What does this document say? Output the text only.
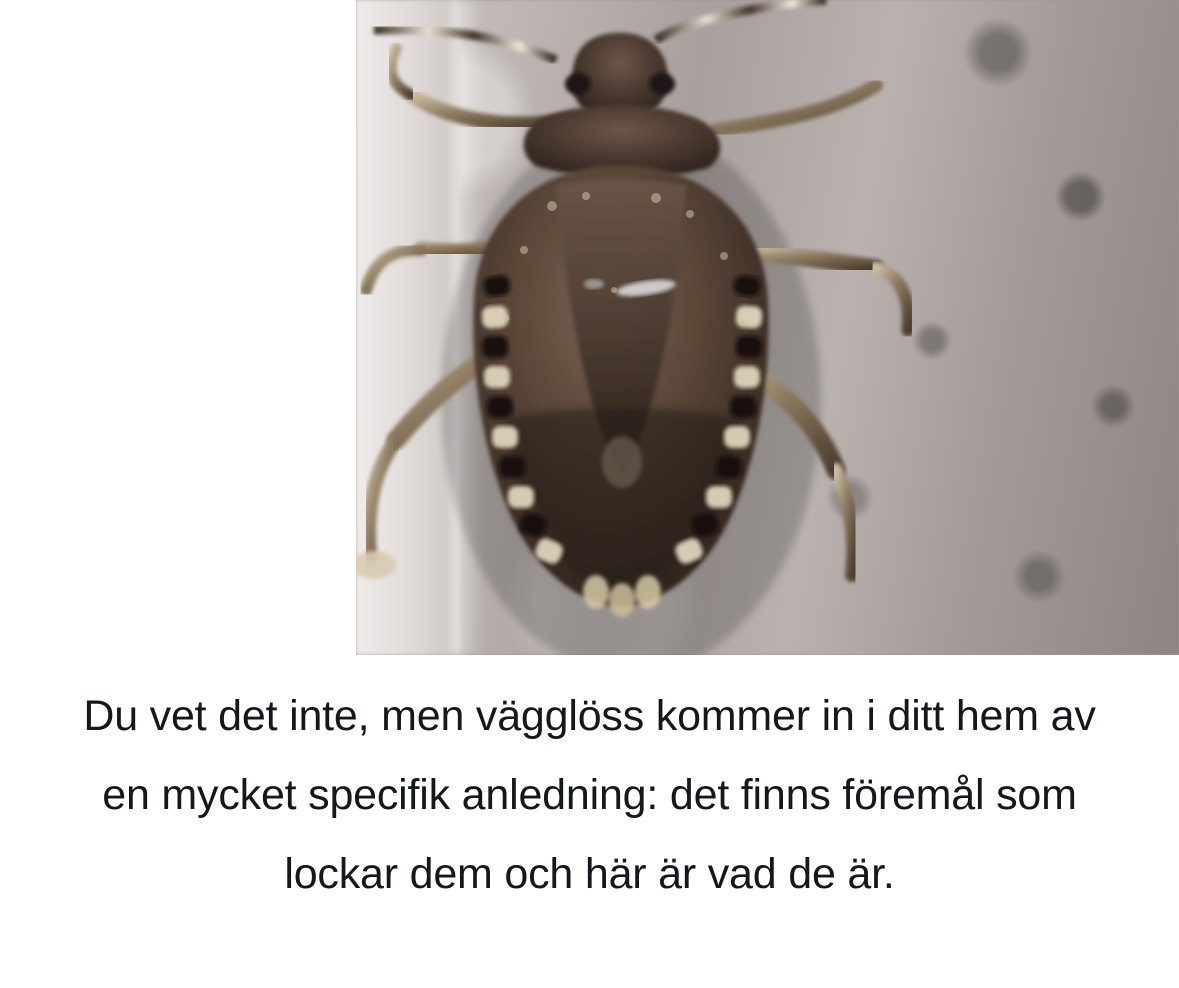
Du vet det inte, men vägglöss kommer in i ditt hem av en mycket specifik anledning: det finns föremål som lockar dem och här är vad de är.
